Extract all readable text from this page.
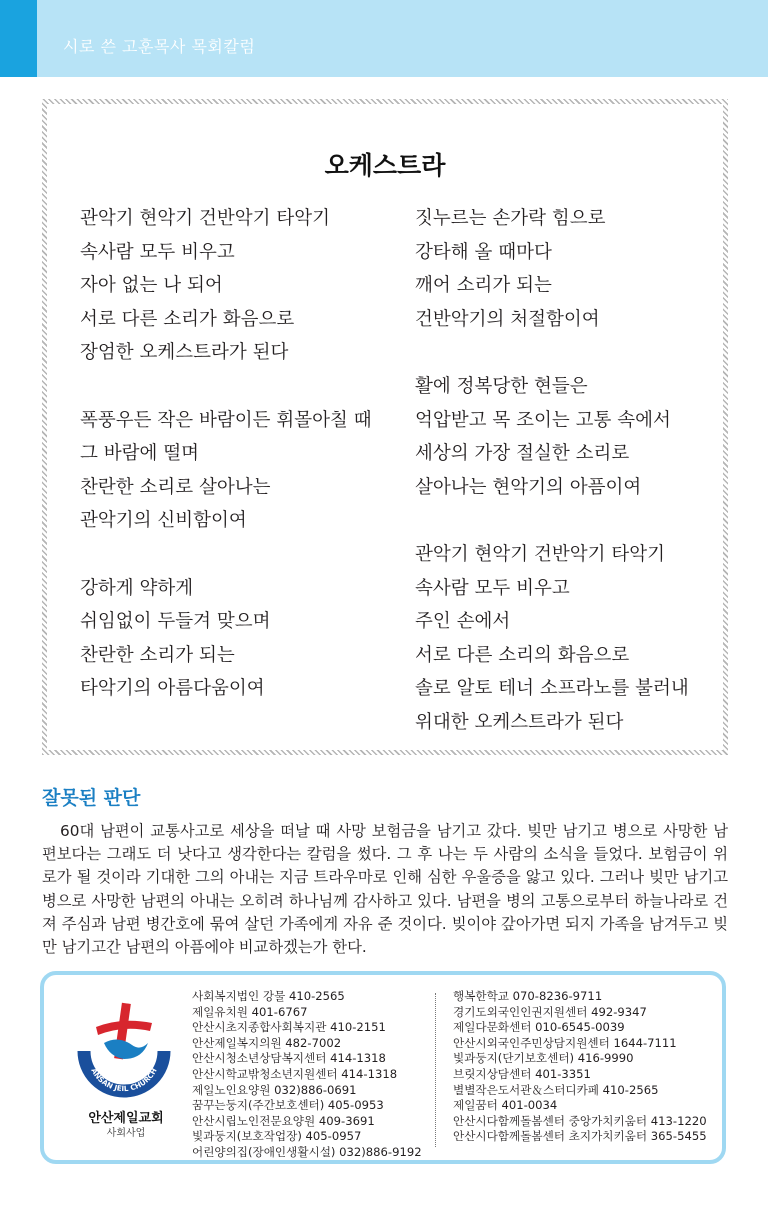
시로 쓴 고훈목사 목회칼럼
오케스트라
관악기 현악기 건반악기 타악기
속사람 모두 비우고
자아 없는 나 되어
서로 다른 소리가 화음으로
장엄한 오케스트라가 된다
폭풍우든 작은 바람이든 휘몰아칠 때
그 바람에 떨며
찬란한 소리로 살아나는
관악기의 신비함이여
강하게 약하게
쉬임없이 두들겨 맞으며
찬란한 소리가 되는
타악기의 아름다움이여
짓누르는 손가락 힘으로
강타해 올 때마다
깨어 소리가 되는
건반악기의 처절함이여
활에 정복당한 현들은
억압받고 목 조이는 고통 속에서
세상의 가장 절실한 소리로
살아나는 현악기의 아픔이여
관악기 현악기 건반악기 타악기
속사람 모두 비우고
주인 손에서
서로 다른 소리의 화음으로
솔로 알토 테너 소프라노를 불러내
위대한 오케스트라가 된다
잘못된 판단

60대 남편이 교통사고로 세상을 떠날 때 사망 보험금을 남기고 갔다. 빚만 남기고 병으로 사망한 남편보다는 그래도 더 낫다고 생각한다는 칼럼을 썼다. 그 후 나는 두 사람의 소식을 들었다. 보험금이 위로가 될 것이라 기대한 그의 아내는 지금 트라우마로 인해 심한 우울증을 앓고 있다. 그러나 빚만 남기고 병으로 사망한 남편의 아내는 오히려 하나님께 감사하고 있다. 남편을 병의 고통으로부터 하늘나라로 건져 주심과 남편 병간호에 묶여 살던 가족에게 자유 준 것이다. 빚이야 갚아가면 되지 가족을 남겨두고 빚만 남기고간 남편의 아픔에야 비교하겠는가 한다.

ANSAN JEIL CHURCH
안산제일교회
사회사업
사회복지법인 강물 410-2565
제일유치원 401-6767
안산시초지종합사회복지관 410-2151
안산제일복지의원 482-7002
안산시청소년상담복지센터 414-1318
안산시학교밖청소년지원센터 414-1318
제일노인요양원 032)886-0691
꿈꾸는둥지(주간보호센터) 405-0953
안산시립노인전문요양원 409-3691
빛과둥지(보호작업장) 405-0957
어린양의집(장애인생활시설) 032)886-9192
행복한학교 070-8236-9711
경기도외국인인권지원센터 492-9347
제일다문화센터 010-6545-0039
안산시외국인주민상담지원센터 1644-7111
빛과둥지(단기보호센터) 416-9990
브릿지상담센터 401-3351
별별작은도서관＆스터디카페 410-2565
제일꿈터 401-0034
안산시다함께돌봄센터 중앙가치키움터 413-1220
안산시다함께돌봄센터 초지가치키움터 365-5455
